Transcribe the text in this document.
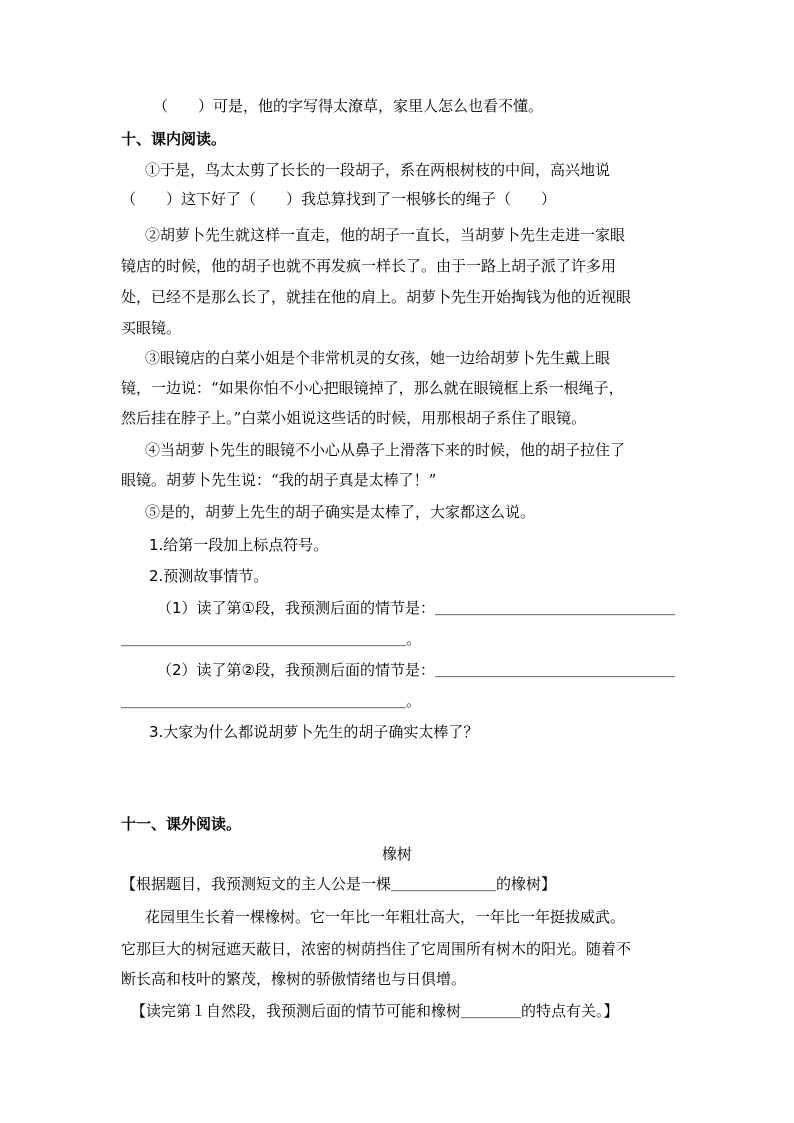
（　　）可是，他的字写得太潦草，家里人怎么也看不懂。
十、课内阅读。
①于是，鸟太太剪了长长的一段胡子，系在两根树枝的中间，高兴地说
（　　）这下好了（　　）我总算找到了一根够长的绳子（　　）
②胡萝卜先生就这样一直走，他的胡子一直长，当胡萝卜先生走进一家眼
镜店的时候，他的胡子也就不再发疯一样长了。由于一路上胡子派了许多用
处，已经不是那么长了，就挂在他的肩上。胡萝卜先生开始掏钱为他的近视眼
买眼镜。
③眼镜店的白菜小姐是个非常机灵的女孩，她一边给胡萝卜先生戴上眼
镜，一边说：“如果你怕不小心把眼镜掉了，那么就在眼镜框上系一根绳子，
然后挂在脖子上。”白菜小姐说这些话的时候，用那根胡子系住了眼镜。
④当胡萝卜先生的眼镜不小心从鼻子上滑落下来的时候，他的胡子拉住了
眼镜。胡萝卜先生说：“我的胡子真是太棒了！”
⑤是的，胡萝上先生的胡子确实是太棒了，大家都这么说。
1.给第一段加上标点符号。
2.预测故事情节。
（1）读了第①段，我预测后面的情节是：＿＿＿＿＿＿＿＿＿＿＿＿＿＿＿＿
＿＿＿＿＿＿＿＿＿＿＿＿＿＿＿＿＿＿＿。
（2）读了第②段，我预测后面的情节是：＿＿＿＿＿＿＿＿＿＿＿＿＿＿＿＿
＿＿＿＿＿＿＿＿＿＿＿＿＿＿＿＿＿＿＿。
3.大家为什么都说胡萝卜先生的胡子确实太棒了？
十一、课外阅读。
橡树
【根据题目，我预测短文的主人公是一棵＿＿＿＿＿＿＿的橡树】
花园里生长着一棵橡树。它一年比一年粗壮高大，一年比一年挺拔威武。
它那巨大的树冠遮天蔽日，浓密的树荫挡住了它周围所有树木的阳光。随着不
断长高和枝叶的繁茂，橡树的骄傲情绪也与日俱增。
【读完第１自然段，我预测后面的情节可能和橡树＿＿＿＿的特点有关。】
